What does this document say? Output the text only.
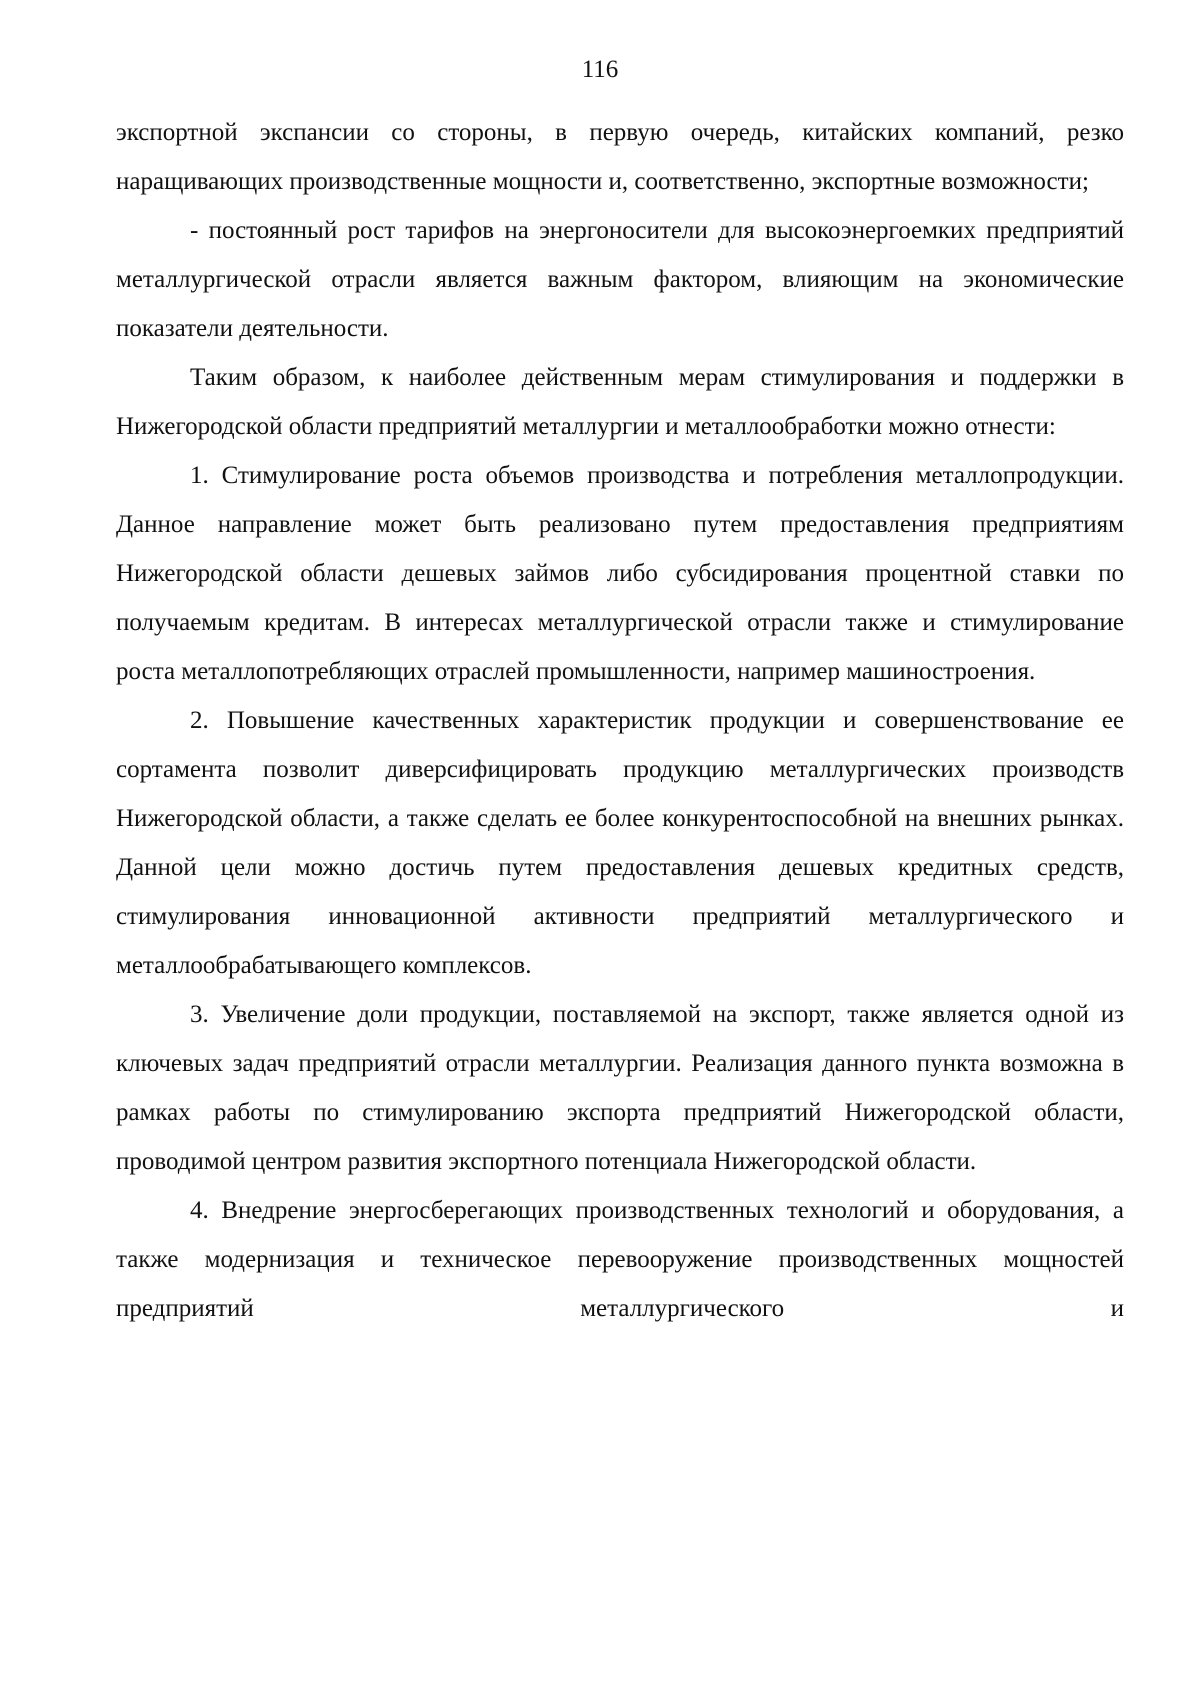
116

экспортной экспансии со стороны, в первую очередь, китайских компаний, резко наращивающих производственные мощности и, соответственно, экспортные возможности;

- постоянный рост тарифов на энергоносители для высокоэнергоемких предприятий металлургической отрасли является важным фактором, влияющим на экономические показатели деятельности.

Таким образом, к наиболее действенным мерам стимулирования и поддержки в Нижегородской области предприятий металлургии и металлообработки можно отнести:

1. Стимулирование роста объемов производства и потребления металлопродукции. Данное направление может быть реализовано путем предоставления предприятиям Нижегородской области дешевых займов либо субсидирования процентной ставки по получаемым кредитам. В интересах металлургической отрасли также и стимулирование роста металлопотребляющих отраслей промышленности, например машиностроения.

2. Повышение качественных характеристик продукции и совершенствование ее сортамента позволит диверсифицировать продукцию металлургических производств Нижегородской области, а также сделать ее более конкурентоспособной на внешних рынках. Данной цели можно достичь путем предоставления дешевых кредитных средств, стимулирования инновационной активности предприятий металлургического и металлообрабатывающего комплексов.

3. Увеличение доли продукции, поставляемой на экспорт, также является одной из ключевых задач предприятий отрасли металлургии. Реализация данного пункта возможна в рамках работы по стимулированию экспорта предприятий Нижегородской области, проводимой центром развития экспортного потенциала Нижегородской области.

4. Внедрение энергосберегающих производственных технологий и оборудования, а также модернизация и техническое перевооружение производственных мощностей предприятий металлургического и
